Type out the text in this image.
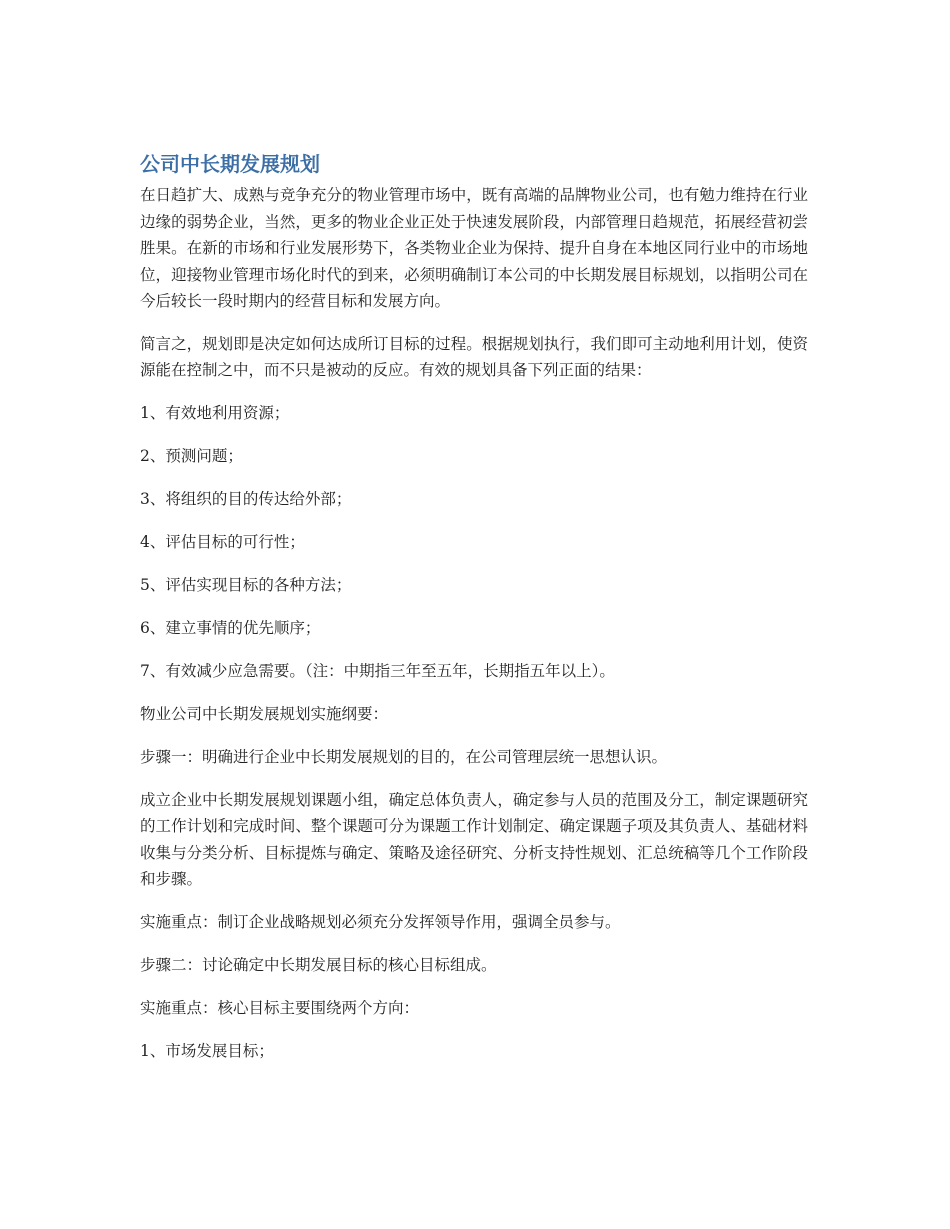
公司中长期发展规划

在日趋扩大、成熟与竞争充分的物业管理市场中，既有高端的品牌物业公司，也有勉力维持在行业边缘的弱势企业，当然，更多的物业企业正处于快速发展阶段，内部管理日趋规范，拓展经营初尝胜果。在新的市场和行业发展形势下，各类物业企业为保持、提升自身在本地区同行业中的市场地位，迎接物业管理市场化时代的到来，必须明确制订本公司的中长期发展目标规划，以指明公司在今后较长一段时期内的经营目标和发展方向。

简言之，规划即是决定如何达成所订目标的过程。根据规划执行，我们即可主动地利用计划，使资源能在控制之中，而不只是被动的反应。有效的规划具备下列正面的结果：

1、有效地利用资源；

2、预测问题；

3、将组织的目的传达给外部；

4、评估目标的可行性；

5、评估实现目标的各种方法；

6、建立事情的优先顺序；

7、有效减少应急需要。（注：中期指三年至五年，长期指五年以上）。

物业公司中长期发展规划实施纲要：

步骤一：明确进行企业中长期发展规划的目的，在公司管理层统一思想认识。

成立企业中长期发展规划课题小组，确定总体负责人，确定参与人员的范围及分工，制定课题研究的工作计划和完成时间、整个课题可分为课题工作计划制定、确定课题子项及其负责人、基础材料收集与分类分析、目标提炼与确定、策略及途径研究、分析支持性规划、汇总统稿等几个工作阶段和步骤。

实施重点：制订企业战略规划必须充分发挥领导作用，强调全员参与。

步骤二：讨论确定中长期发展目标的核心目标组成。

实施重点：核心目标主要围绕两个方向：

1、市场发展目标；
